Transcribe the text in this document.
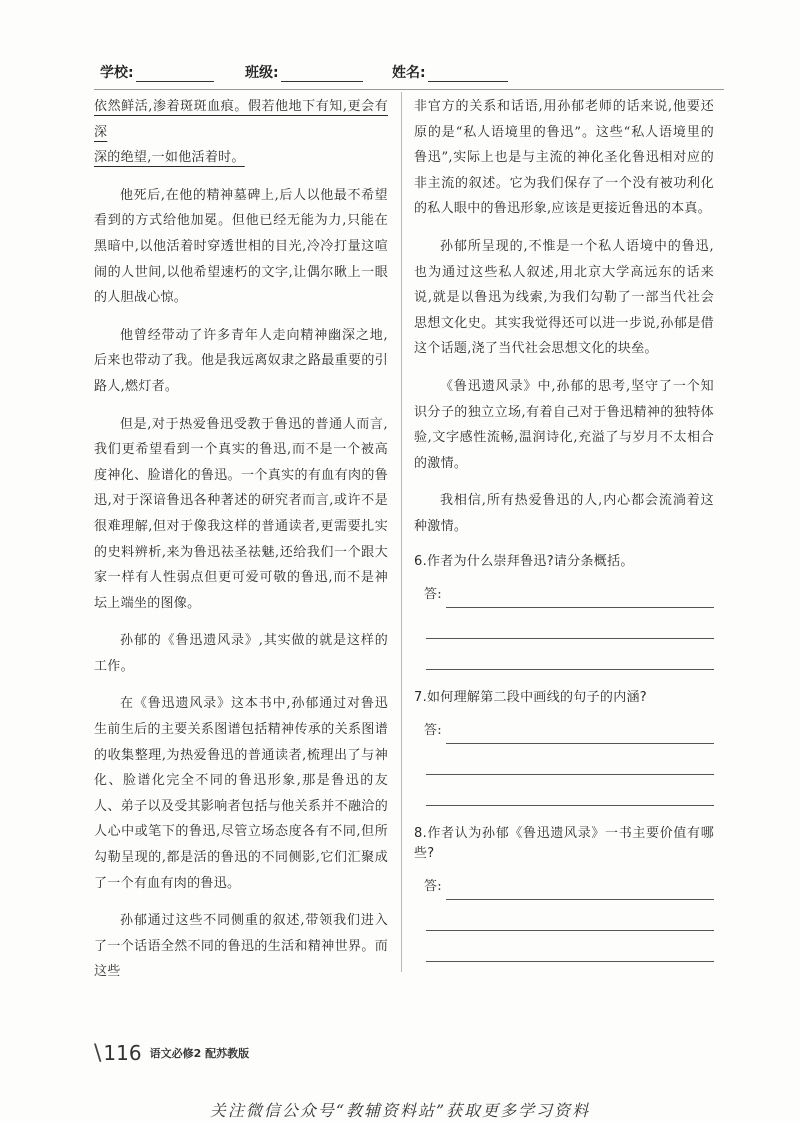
学校:	班级:	姓名:
依然鲜活,渗着斑斑血痕。假若他地下有知,更会有深
深的绝望,一如他活着时。

他死后,在他的精神墓碑上,后人以他最不希望看到的方式给他加冕。但他已经无能为力,只能在黑暗中,以他活着时穿透世相的目光,冷冷打量这喧闹的人世间,以他希望速朽的文字,让偶尔瞅上一眼的人胆战心惊。

他曾经带动了许多青年人走向精神幽深之地,后来也带动了我。他是我远离奴隶之路最重要的引路人,燃灯者。

但是,对于热爱鲁迅受教于鲁迅的普通人而言,我们更希望看到一个真实的鲁迅,而不是一个被高度神化、脸谱化的鲁迅。一个真实的有血有肉的鲁迅,对于深谙鲁迅各种著述的研究者而言,或许不是很难理解,但对于像我这样的普通读者,更需要扎实的史料辨析,来为鲁迅祛圣祛魅,还给我们一个跟大家一样有人性弱点但更可爱可敬的鲁迅,而不是神坛上端坐的图像。

孙郁的《鲁迅遗风录》,其实做的就是这样的工作。

在《鲁迅遗风录》这本书中,孙郁通过对鲁迅生前生后的主要关系图谱包括精神传承的关系图谱的收集整理,为热爱鲁迅的普通读者,梳理出了与神化、脸谱化完全不同的鲁迅形象,那是鲁迅的友人、弟子以及受其影响者包括与他关系并不融洽的人心中或笔下的鲁迅,尽管立场态度各有不同,但所勾勒呈现的,都是活的鲁迅的不同侧影,它们汇聚成了一个有血有肉的鲁迅。

孙郁通过这些不同侧重的叙述,带领我们进入了一个话语全然不同的鲁迅的生活和精神世界。而这些

非官方的关系和话语,用孙郁老师的话来说,他要还原的是“私人语境里的鲁迅”。这些“私人语境里的鲁迅”,实际上也是与主流的神化圣化鲁迅相对应的非主流的叙述。它为我们保存了一个没有被功利化的私人眼中的鲁迅形象,应该是更接近鲁迅的本真。

孙郁所呈现的,不惟是一个私人语境中的鲁迅,也为通过这些私人叙述,用北京大学高远东的话来说,就是以鲁迅为线索,为我们勾勒了一部当代社会思想文化史。其实我觉得还可以进一步说,孙郁是借这个话题,浇了当代社会思想文化的块垒。

《鲁迅遗风录》中,孙郁的思考,坚守了一个知识分子的独立立场,有着自己对于鲁迅精神的独特体验,文字感性流畅,温润诗化,充溢了与岁月不太相合的激情。

我相信,所有热爱鲁迅的人,内心都会流淌着这种激情。

6.作者为什么崇拜鲁迅?请分条概括。
答:
7.如何理解第二段中画线的句子的内涵?
答:
8.作者认为孙郁《鲁迅遗风录》一书主要价值有哪些?
答:
\ 116 语文必修2 配苏教版
关注微信公众号“教辅资料站”获取更多学习资料
